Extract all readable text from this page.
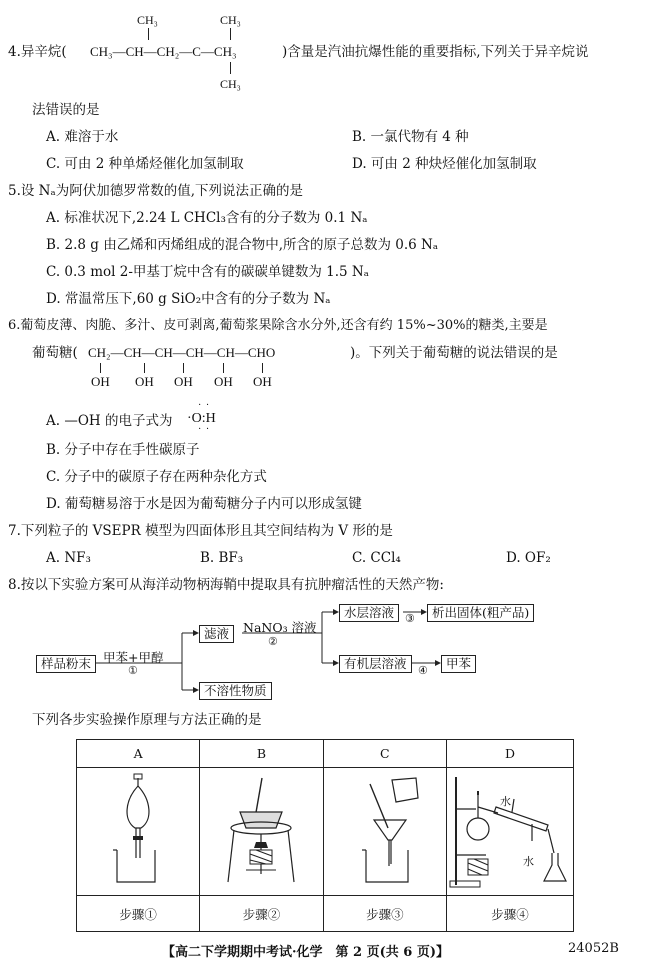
CH₃	CH₃
4.异辛烷( CH₃—CH—CH₂—C—CH₃	)含量是汽油抗爆性能的重要指标,下列关于异辛烷说
CH₃
法错误的是
A. 难溶于水	B. 一氯代物有 4 种
C. 可由 2 种单烯烃催化加氢制取	D. 可由 2 种炔烃催化加氢制取
5.设 Nₐ为阿伏加德罗常数的值,下列说法正确的是
A. 标准状况下,2.24 L CHCl₃含有的分子数为 0.1 Nₐ
B. 2.8 g 由乙烯和丙烯组成的混合物中,所含的原子总数为 0.6 Nₐ
C. 0.3 mol 2-甲基丁烷中含有的碳碳单键数为 1.5 Nₐ
D. 常温常压下,60 g SiO₂中含有的分子数为 Nₐ
6.葡萄皮薄、肉脆、多汁、皮可剥离,葡萄浆果除含水分外,还含有约 15%~30%的糖类,主要是
葡萄糖( CH₂—CH—CH—CH—CH—CHO	)。下列关于葡萄糖的说法错误的是
OH OH OH OH OH
A. —OH 的电子式为
· ·
·O:H
· ·
B. 分子中存在手性碳原子
C. 分子中的碳原子存在两种杂化方式
D. 葡萄糖易溶于水是因为葡萄糖分子内可以形成氢键
7.下列粒子的 VSEPR 模型为四面体形且其空间结构为 V 形的是
A. NF₃	B. BF₃	C. CCl₄	D. OF₂
8.按以下实验方案可从海洋动物柄海鞘中提取具有抗肿瘤活性的天然产物:
样品粉末 甲苯+甲醇
①
滤液
不溶性物质
NaNO₃ 溶液
②
水层溶液 ③	析出固体(粗产品)
有机层溶液	④	甲苯
下列各步实验操作原理与方法正确的是
A	B	C	D

步骤①	步骤②	步骤③	步骤④
水
水
【高二下学期期中考试·化学　第 2 页(共 6 页)】	24052B
